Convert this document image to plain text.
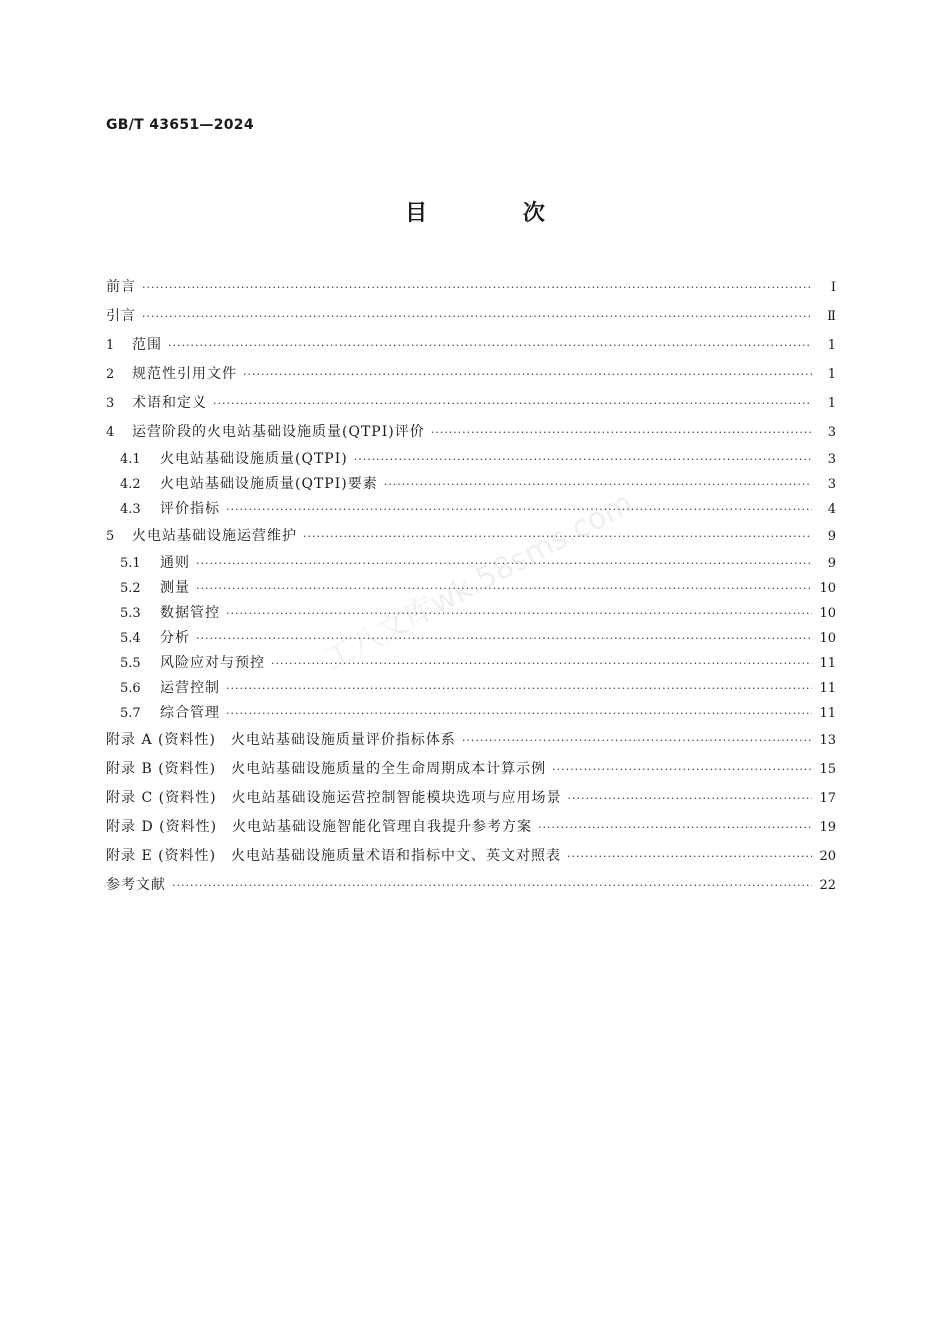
GB/T 43651—2024
目 次
前言 ·····	Ⅰ
引言 ·····	Ⅱ
1	范围 ·····	1
2	规范性引用文件 ·····	1
3	术语和定义 ·····	1
4	运营阶段的火电站基础设施质量(QTPI)评价 ·····	3
4.1	火电站基础设施质量(QTPI) ·····	3
4.2	火电站基础设施质量(QTPI)要素 ·····	3
4.3	评价指标 ·····	4
5	火电站基础设施运营维护 ·····	9
5.1	通则 ·····	9
5.2	测量 ·····	10
5.3	数据管控 ·····	10
5.4	分析 ·····	10
5.5	风险应对与预控 ·····	11
5.6	运营控制 ·····	11
5.7	综合管理 ·····	11
附录 A (资料性)　火电站基础设施质量评价指标体系 ·····	13
附录 B (资料性)　火电站基础设施质量的全生命周期成本计算示例 ·····	15
附录 C (资料性)　火电站基础设施运营控制智能模块选项与应用场景 ·····	17
附录 D (资料性)　火电站基础设施智能化管理自我提升参考方案 ·····	19
附录 E (资料性)　火电站基础设施质量术语和指标中文、英文对照表 ·····	20
参考文献 ·····	22
工八文库wk.58sms.com
